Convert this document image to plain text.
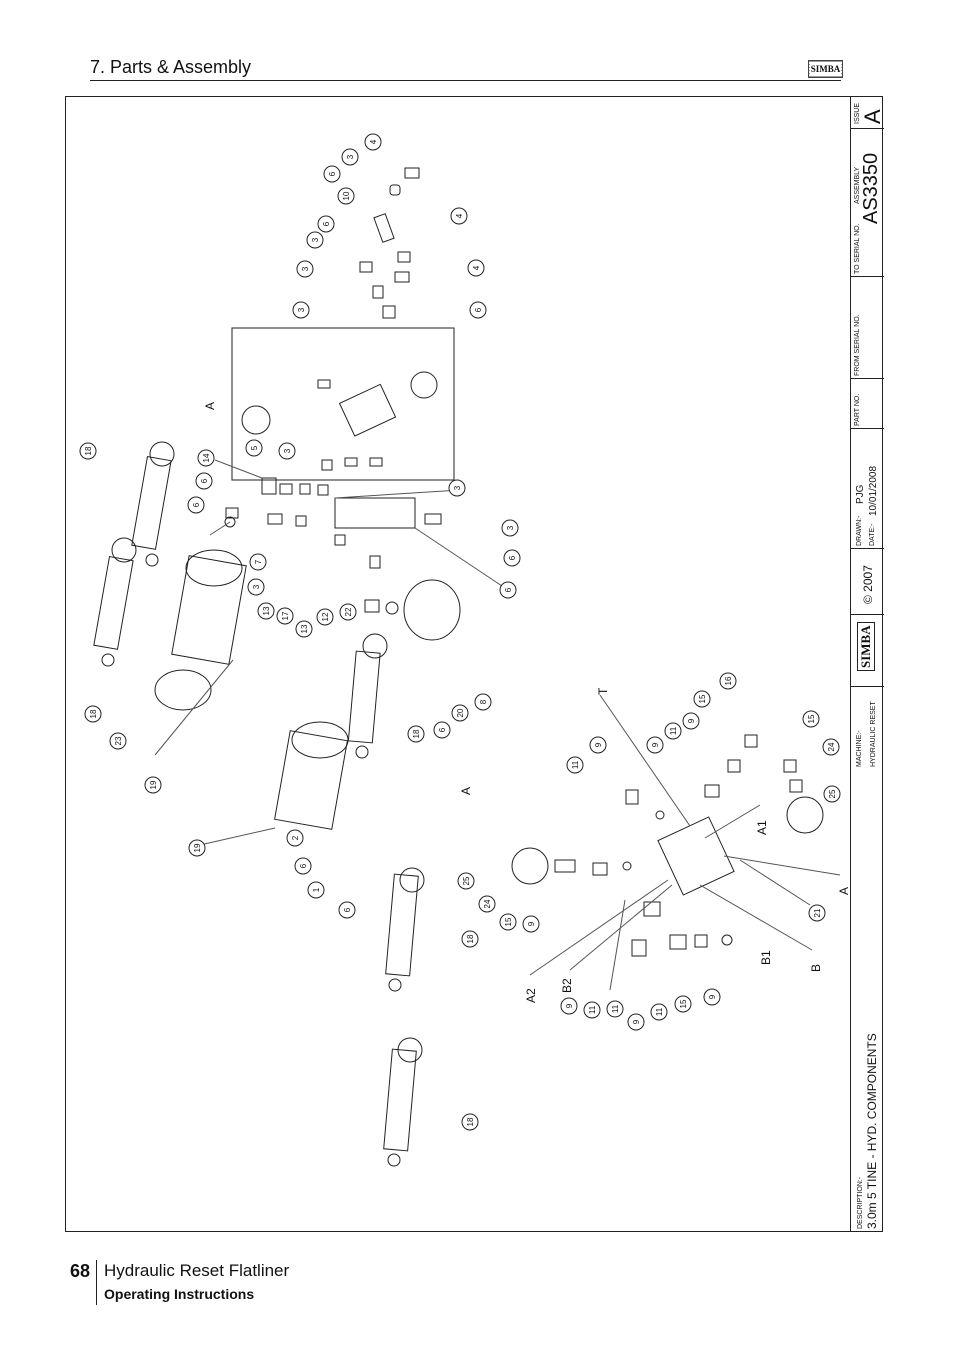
7. Parts & Assembly	SIMBA
A
A
T
A1
A
B1
B
A2
B2
4
3
6
10
4
6
3
3	4
3	6
18
14
5
3
3
6
6
3
7
3
6
13
17
13
12
22
6
20
8
6
18
18
23
19
19
2
6
1
6
18
18
16
15
9
11
9
9
11
15
24
25
25
24
15 9
21
9 11 11
9
11
15
9
ISSUE A
ASSEMBLY AS3350
TO SERIAL NO.
FROM SERIAL NO.
PART NO.
DRAWN:-
PJG
DATE:-
10/01/2008
© 2007
SIMBA
MACHINE:- HYDRAULIC RESET
DESCRIPTION:- 3.0m 5 TINE - HYD. COMPONENTS
68 Hydraulic Reset Flatliner
Operating Instructions
